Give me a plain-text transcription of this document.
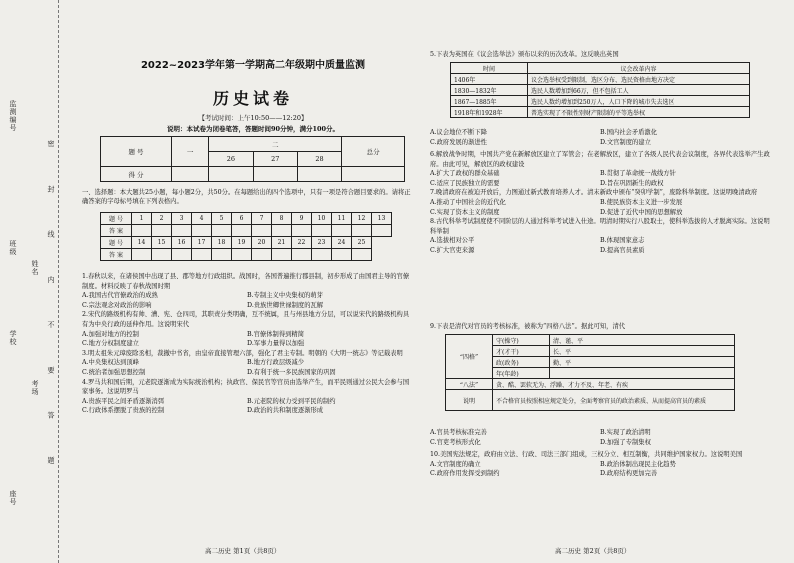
监测编号
班级
学校
姓名
考场
座号
密 封 线 内 不 要 答 题
2022~2023学年第一学期高二年级期中质量监测
历史试卷
【考试时间：上午10:50——12:20】
说明：本试卷为闭卷笔答，答题时间90分钟，满分100分。
题 号	一	二			总分
		26	27	28	
得 分					
一、选择题：本大题共25小题，每小题2分，共50分。在每题给出的四个选项中，只有一项是符合题目要求的。请将正确答案的字母标号填在下列表格内。
题 号	1	2	3	4	5	6	7	8	9	10	11	12	13
答 案													
题 号	14	15	16	17	18	19	20	21	22	23	24	25	
答 案													
1.春秋以来，在诸侯国中出现了县、郡等地方行政组织。战国时，各国普遍推行郡县制，初步形成了由国君主导的官僚制度。材料反映了春秋战国时期
A.我国古代官僚政治的成熟	B.专制主义中央集权的萌芽
C.宗法观念对政治的影响	D.贵族世卿世禄制度的瓦解
2.宋代的路级机构有帅、漕、宪、仓四司，其职责分类明确，互不统属，且与州县地方分层，可以说宋代的路级机构具有为中央行政的延伸作用。这说明宋代
A.加强对地方的控制	B.官僚体制得到精简
C.地方分权制度建立	D.军事力量得以加强
3.明太祖朱元璋废除丞相，裁撤中书省，由皇帝直接管理六部，强化了君主专制。明朝的《大明一统志》等记载表明
A.中央集权达到顶峰	B.地方行政层级减少
C.统治者加强思想控制	D.有利于统一多民族国家的巩固
4.罗马共和国后期，元老院逐渐成为实际统治机构；执政官、保民官等官员由选举产生，而平民则通过公民大会参与国家事务。这说明罗马
A.贵族平民之间矛盾逐渐消弭	B.元老院的权力受到平民的制约
C.行政体系摆脱了贵族的控制	D.政治的共和制度逐渐形成
高二历史 第1页（共8页）
5.下表为英国在《议会选举法》颁布以来的历次改革。这反映出英国
时间	议会改革内容
1406年	议会选举权受到限制，选区分布、选民资格由地方决定
1830—1832年	选民人数增加到66万，但不包括工人
1867—1885年	选民人数约增加到250万人，人口下降的城市失去选区
1918年和1928年	普选实现了不限性别财产限制的平等选举权
A.议会地位不断下降	B.国内社会矛盾激化
C.政府发展的渐进性	D.文官制度的建立
6.解放战争时期，中国共产党在新解放区建立了军管会；在老解放区，建立了各级人民代表会议制度，各界代表选举产生政府。由此可见，解放区的政权建设
A.扩大了政权的群众基础	B.贯彻了革命统一战线方针
C.适应了民族独立的需要	D.旨在巩固新生的政权
7.晚清政府在被迫开放后，力图通过新式教育培养人才。清末新政中颁布“癸卯学制”，废除科举制度。这说明晚清政府
A.推动了中国社会的近代化	B.使民族资本主义进一步发展
C.实现了资本主义的制度	D.促进了近代中国的思想解放
8.古代科举考试制度使不同阶层的人通过科举考试进入仕途。明清时期实行八股取士，使科举选拔的人才脱离实际。这说明科举制
A.选拔相对公平	B.体现国家意志
C.扩大官吏来源	D.提高官员素质
9.下表是清代对官员的考核标准，被称为“四格八法”。据此可知，清代
“四格”	守(操守)	清、谨、平
	才(才干)	长、平
	政(政务)	勤、平
	年(年龄)	
“八法”	贪、酷、罢软无为、浮躁、才力不及、年老、有疾	
说明	不合格官员按照相应规定处分，全面考察官员的政治素质、从而提高官员的素质	
A.官员考核标准完善	B.实现了政治清明
C.官吏考核形式化	D.加强了专制集权
10.美国宪法规定，政府由立法、行政、司法三部门组成，三权分立、相互制衡，共同维护国家权力。这说明美国
A.文官制度的确立	B.政治体制出现民主化趋势
C.政府作用发挥受到制约	D.政府结构更加完善
高二历史 第2页（共8页）
